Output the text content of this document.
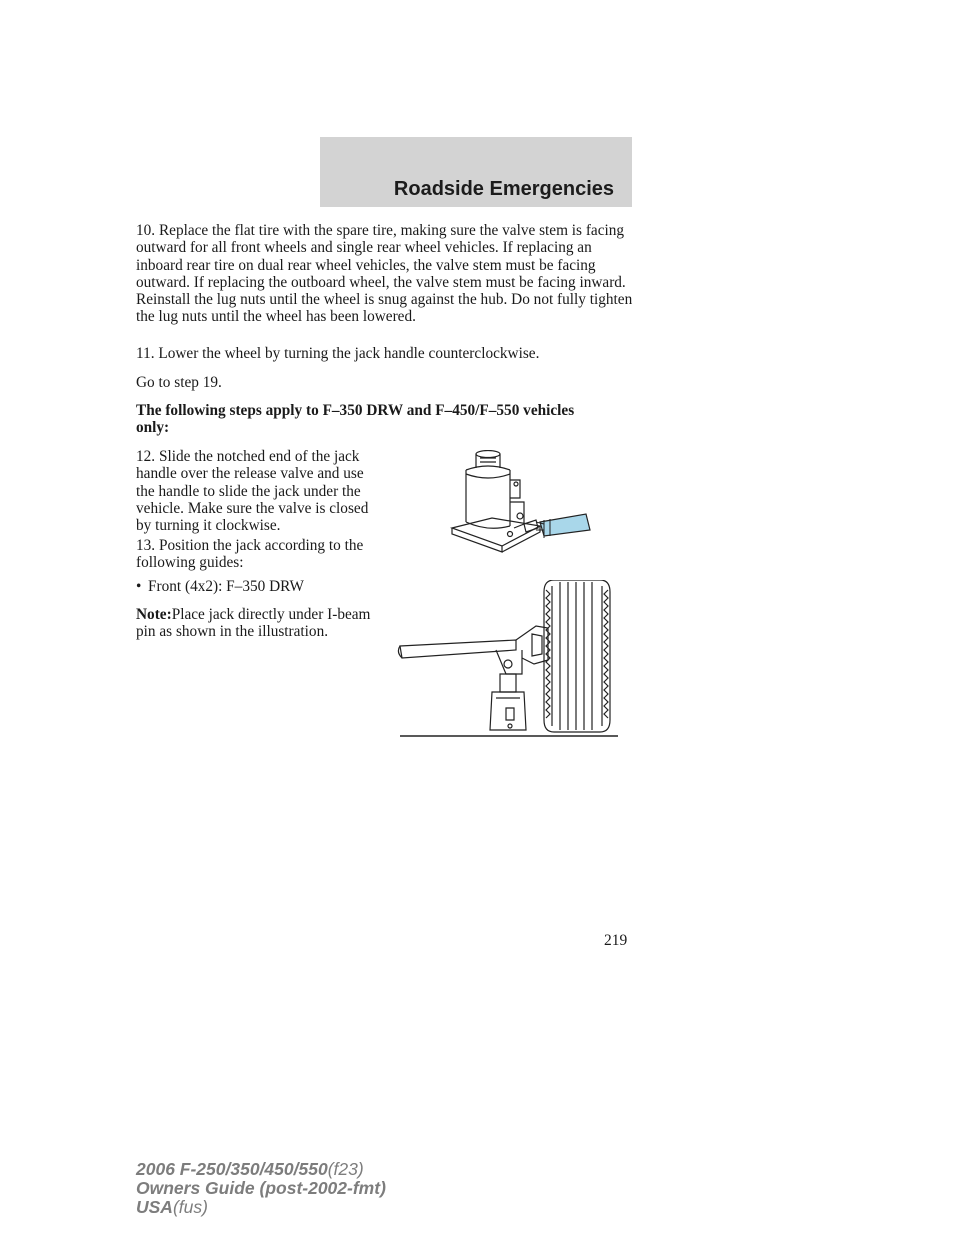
Roadside Emergencies

10. Replace the flat tire with the spare tire, making sure the valve stem is facing outward for all front wheels and single rear wheel vehicles. If replacing an inboard rear tire on dual rear wheel vehicles, the valve stem must be facing outward. If replacing the outboard wheel, the valve stem must be facing inward. Reinstall the lug nuts until the wheel is snug against the hub. Do not fully tighten the lug nuts until the wheel has been lowered.

11. Lower the wheel by turning the jack handle counterclockwise.

Go to step 19.

The following steps apply to F–350 DRW and F–450/F–550 vehicles only:

12. Slide the notched end of the jack handle over the release valve and use the handle to slide the jack under the vehicle. Make sure the valve is closed by turning it clockwise.

13. Position the jack according to the following guides:

• Front (4x2): F–350 DRW

Note:Place jack directly under I-beam pin as shown in the illustration.

219
2006 F-250/350/450/550(f23)
Owners Guide (post-2002-fmt)
USA(fus)
